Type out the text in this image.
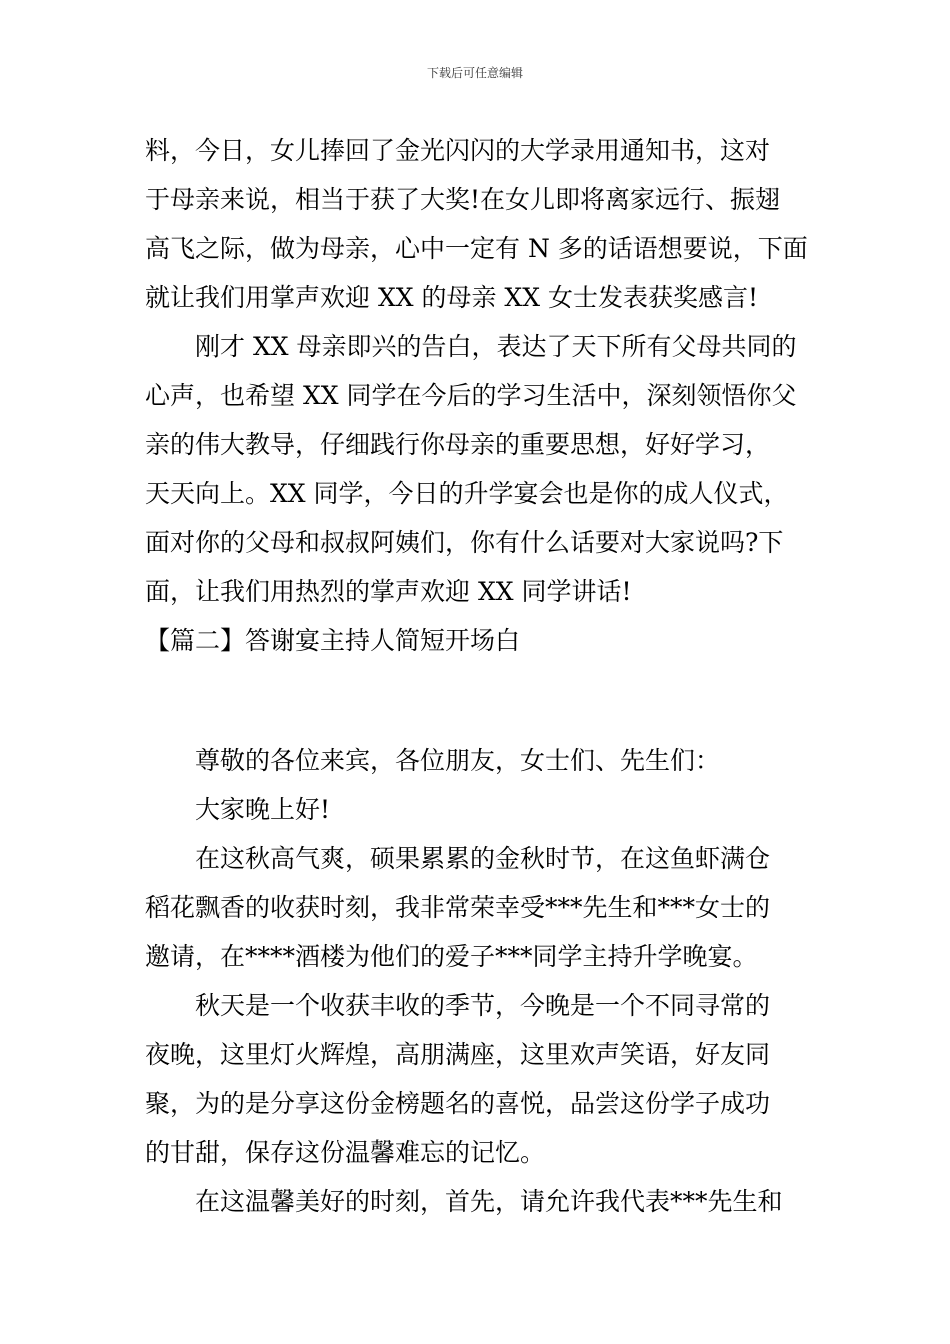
下载后可任意编辑

料，今日，女儿捧回了金光闪闪的大学录用通知书，这对

于母亲来说，相当于获了大奖!在女儿即将离家远行、振翅

高飞之际，做为母亲，心中一定有 N 多的话语想要说，下面

就让我们用掌声欢迎 XX 的母亲 XX 女士发表获奖感言!

刚才 XX 母亲即兴的告白，表达了天下所有父母共同的

心声，也希望 XX 同学在今后的学习生活中，深刻领悟你父

亲的伟大教导，仔细践行你母亲的重要思想，好好学习，

天天向上。XX 同学，今日的升学宴会也是你的成人仪式，

面对你的父母和叔叔阿姨们，你有什么话要对大家说吗?下

面，让我们用热烈的掌声欢迎 XX 同学讲话!

【篇二】答谢宴主持人简短开场白

尊敬的各位来宾，各位朋友，女士们、先生们：

大家晚上好!

在这秋高气爽，硕果累累的金秋时节，在这鱼虾满仓

稻花飘香的收获时刻，我非常荣幸受***先生和***女士的

邀请，在****酒楼为他们的爱子***同学主持升学晚宴。

秋天是一个收获丰收的季节，今晚是一个不同寻常的

夜晚，这里灯火辉煌，高朋满座，这里欢声笑语，好友同

聚，为的是分享这份金榜题名的喜悦，品尝这份学子成功

的甘甜，保存这份温馨难忘的记忆。

在这温馨美好的时刻，首先，请允许我代表***先生和
